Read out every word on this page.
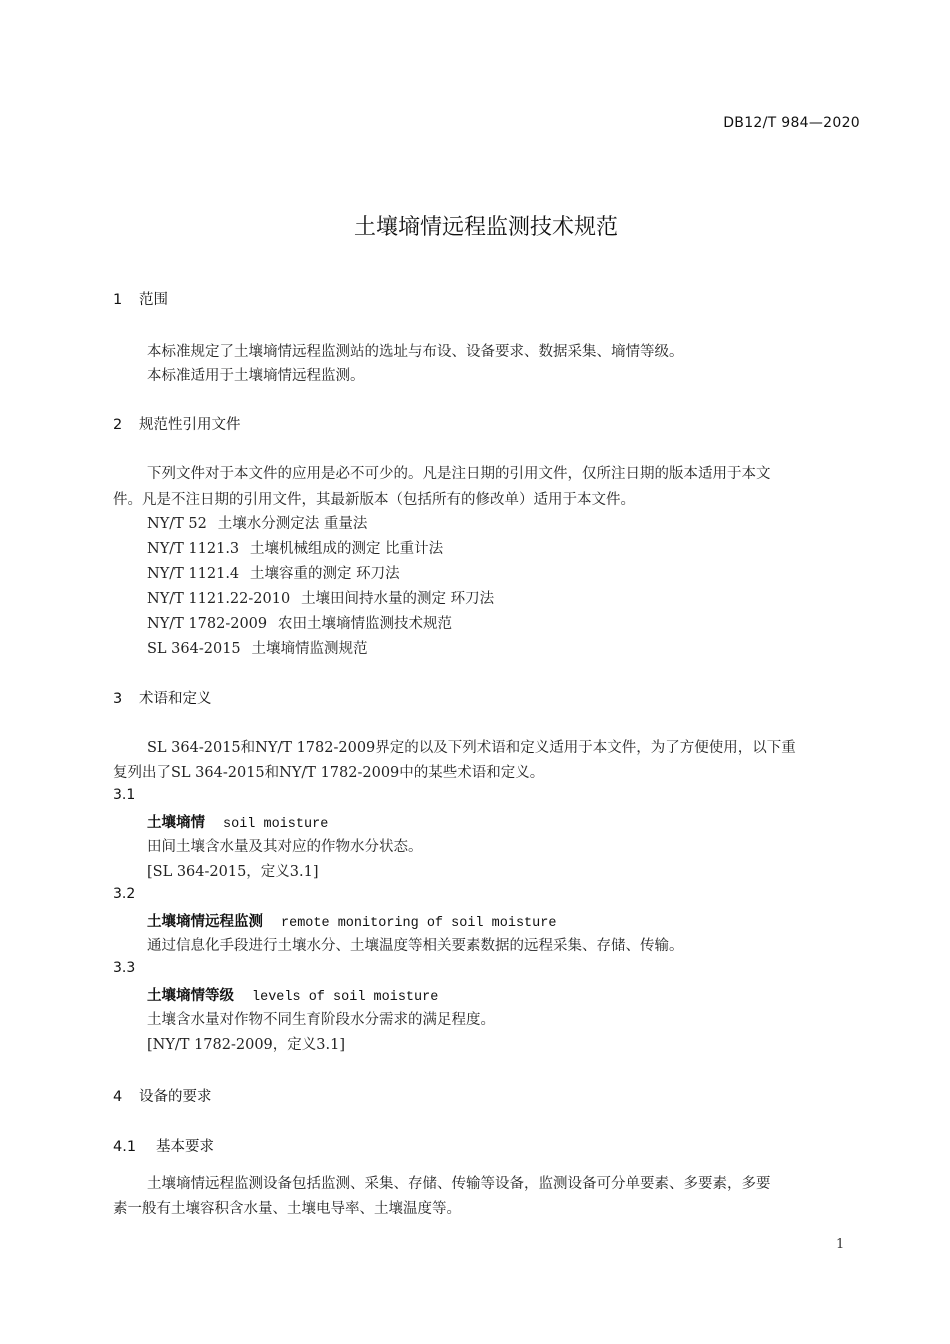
DB12/T 984—2020
土壤墒情远程监测技术规范
1 范围
本标准规定了土壤墒情远程监测站的选址与布设、设备要求、数据采集、墒情等级。
本标准适用于土壤墒情远程监测。
2 规范性引用文件
下列文件对于本文件的应用是必不可少的。凡是注日期的引用文件，仅所注日期的版本适用于本文
件。凡是不注日期的引用文件，其最新版本（包括所有的修改单）适用于本文件。
NY/T 52 土壤水分测定法 重量法
NY/T 1121.3 土壤机械组成的测定 比重计法
NY/T 1121.4 土壤容重的测定 环刀法
NY/T 1121.22-2010 土壤田间持水量的测定 环刀法
NY/T 1782-2009 农田土壤墒情监测技术规范
SL 364-2015 土壤墒情监测规范
3 术语和定义
SL 364-2015和NY/T 1782-2009界定的以及下列术语和定义适用于本文件，为了方便使用，以下重
复列出了SL 364-2015和NY/T 1782-2009中的某些术语和定义。
3.1
土壤墒情 soil moisture
田间土壤含水量及其对应的作物水分状态。
[SL 364-2015，定义3.1]
3.2
土壤墒情远程监测 remote monitoring of soil moisture
通过信息化手段进行土壤水分、土壤温度等相关要素数据的远程采集、存储、传输。
3.3
土壤墒情等级 levels of soil moisture
土壤含水量对作物不同生育阶段水分需求的满足程度。
[NY/T 1782-2009，定义3.1]
4 设备的要求
4.1 基本要求
土壤墒情远程监测设备包括监测、采集、存储、传输等设备，监测设备可分单要素、多要素，多要
素一般有土壤容积含水量、土壤电导率、土壤温度等。
1
